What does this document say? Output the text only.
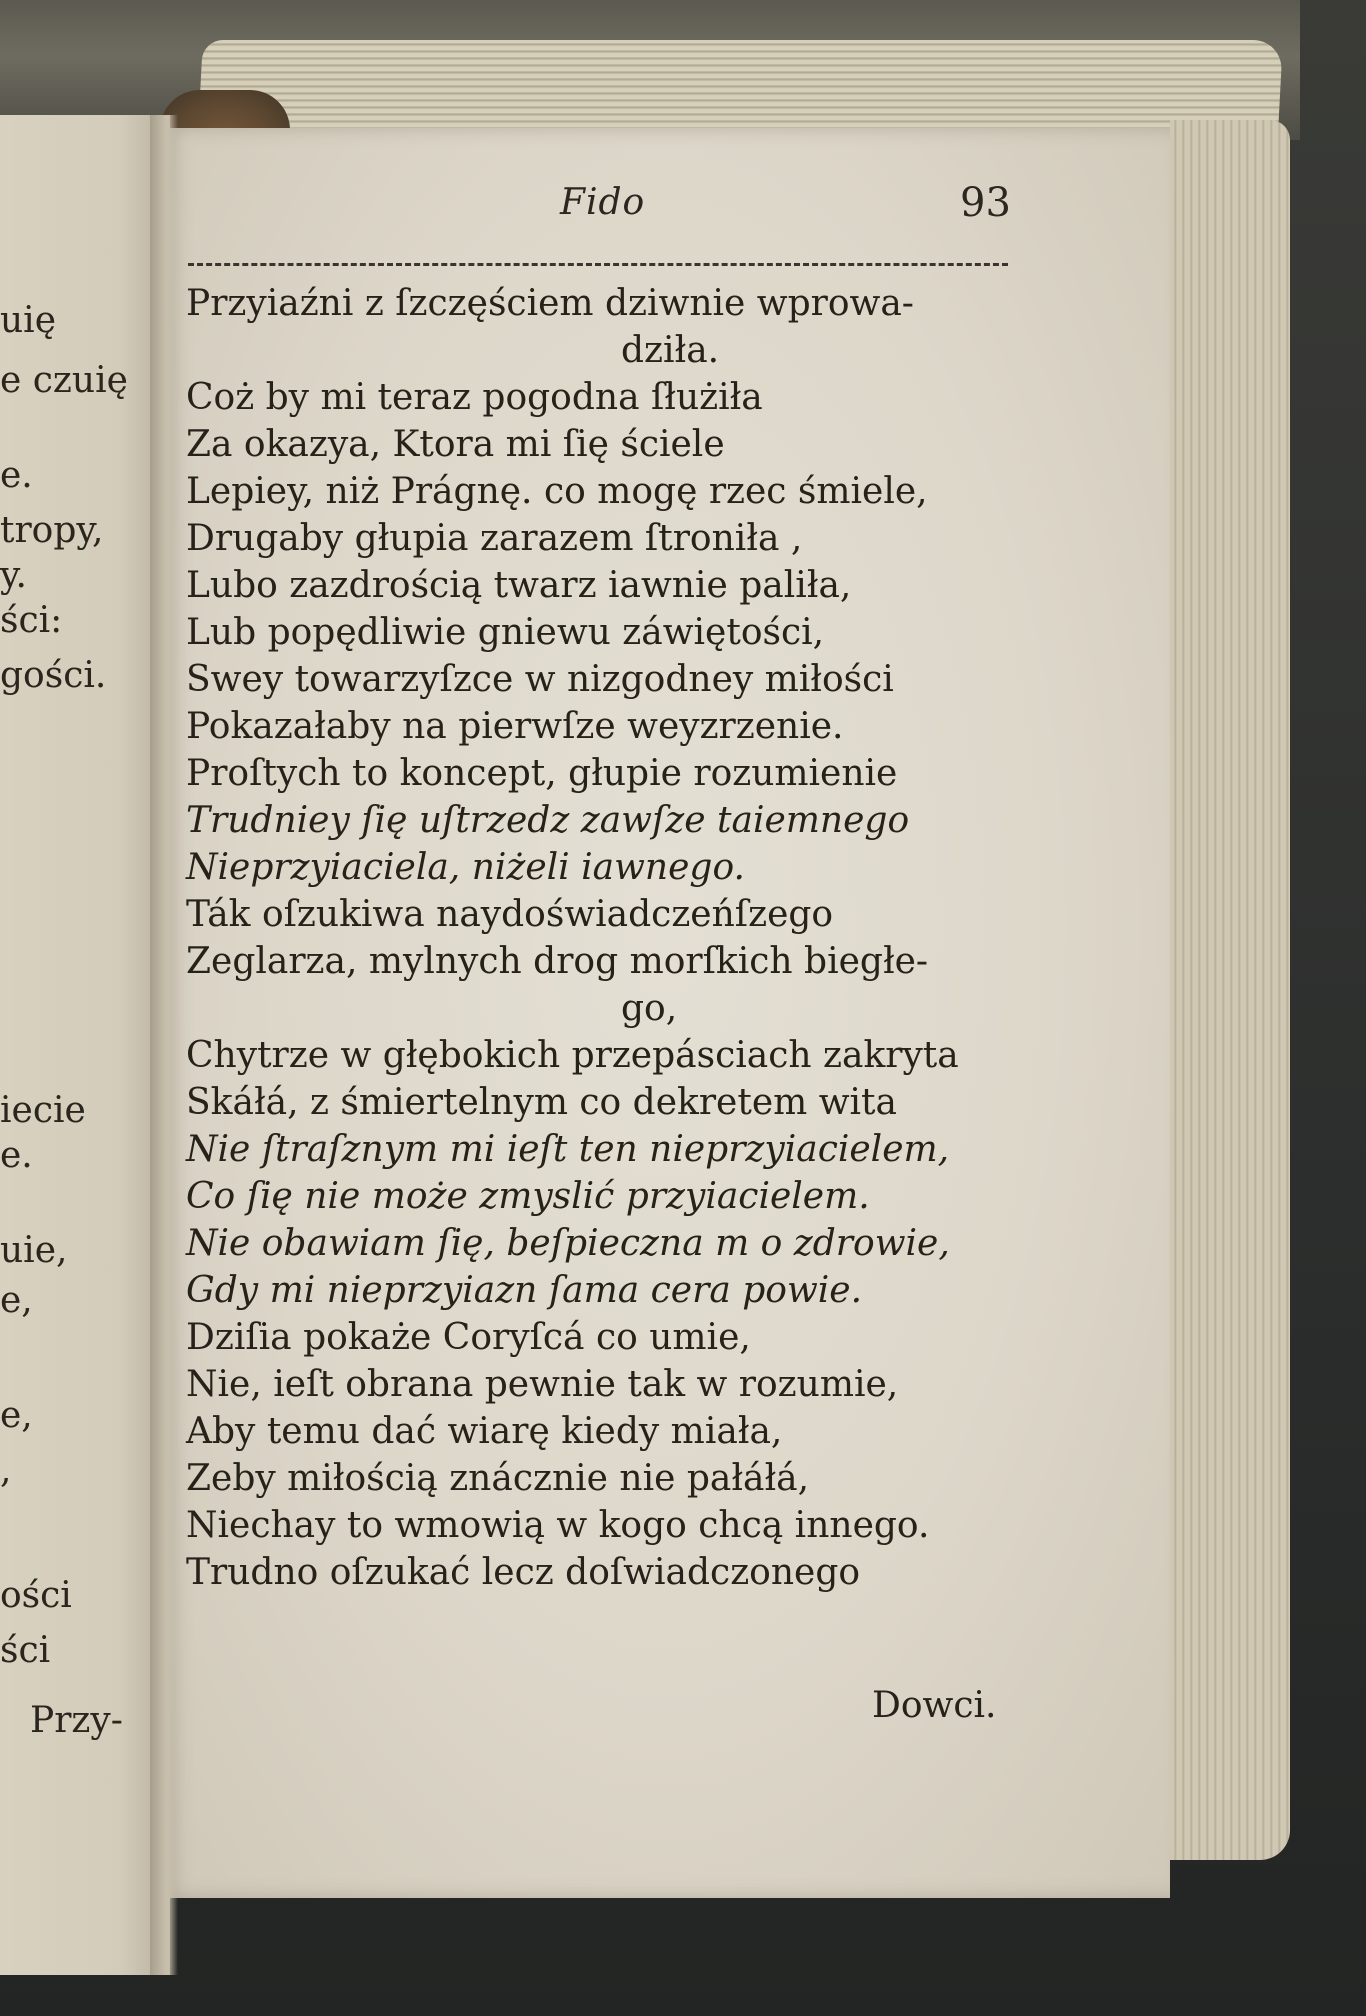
uię
e czuię
e.
tropy,
y.
ści:
gości.
iecie
e.
uie,
e,
e,
,
ości
ści
Przy-
Fido	93
Przyiaźni z ſzczęściem dziwnie wprowa-
dziła.
Coż by mi teraz pogodna ſłużiła
Za okazya, Ktora mi ſię ściele
Lepiey, niż Prágnę. co mogę rzec śmiele,
Drugaby głupia zarazem ſtroniła ,
Lubo zazdrością twarz iawnie paliła,
Lub popędliwie gniewu záwiętości,
Swey towarzyſzce w nizgodney miłości
Pokazałaby na pierwſze weyzrzenie.
Proſtych to koncept, głupie rozumienie
Trudniey ſię uſtrzedz zawſze taiemnego
Nieprzyiaciela, niżeli iawnego.
Ták oſzukiwa naydoświadczeńſzego
Zeglarza, mylnych drog morſkich biegłe-
go,
Chytrze w głębokich przepásciach zakryta
Skáłá, z śmiertelnym co dekretem wita
Nie ſtraſznym mi ieſt ten nieprzyiacielem,
Co ſię nie może zmyslić przyiacielem.
Nie obawiam ſię, beſpieczna m o zdrowie,
Gdy mi nieprzyiazn ſama cera powie.
Dziſia pokaże Coryſcá co umie,
Nie, ieſt obrana pewnie tak w rozumie,
Aby temu dać wiarę kiedy miała,
Zeby miłością znácznie nie pałáłá,
Niechay to wmowią w kogo chcą innego.
Trudno oſzukać lecz doſwiadczonego
Dowci.
